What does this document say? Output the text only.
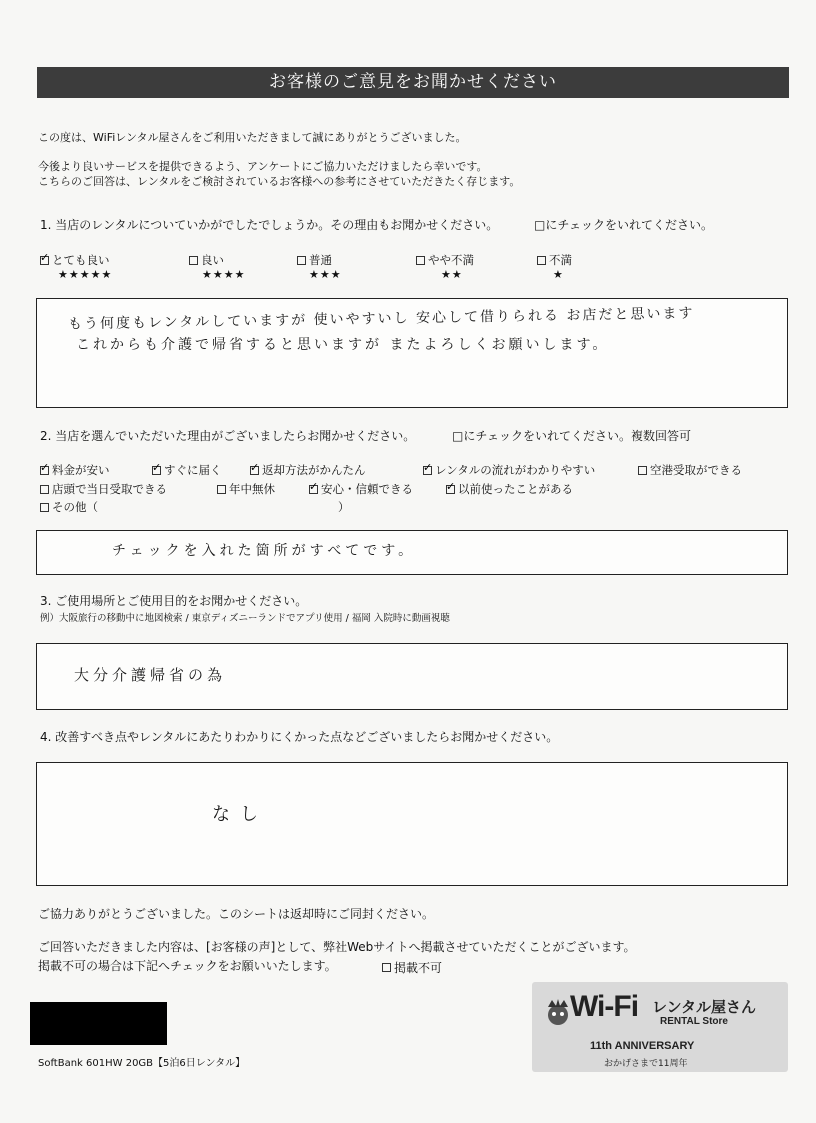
お客様のご意見をお聞かせください
この度は、WiFiレンタル屋さんをご利用いただきまして誠にありがとうございました。
今後より良いサービスを提供できるよう、アンケートにご協力いただけましたら幸いです。
こちらのご回答は、レンタルをご検討されているお客様への参考にさせていただきたく存じます。
1. 当店のレンタルについていかがでしたでしょうか。その理由もお聞かせください。	□にチェックをいれてください。
✓
とても良い
★★★★★
良い
★★★★
普通
★★★
やや不満
★★
不満
★
もう何度もレンタルしていますが 使いやすいし 安心して借りられる お店だと思います
これからも介護で帰省すると思いますが またよろしくお願いします。
2. 当店を選んでいただいた理由がございましたらお聞かせください。	□にチェックをいれてください。複数回答可
✓
料金が安い ✓	すぐに届く ✓	返却方法がかんたん ✓	レンタルの流れがわかりやすい	空港受取ができる
店頭で当日受取できる	年中無休 ✓	安心・信頼できる ✓	以前使ったことがある
その他（	）
チェックを入れた箇所がすべてです。
3. ご使用場所とご使用目的をお聞かせください。
例）大阪旅行の移動中に地図検索 / 東京ディズニーランドでアプリ使用 / 福岡 入院時に動画視聴
大分介護帰省の為
4. 改善すべき点やレンタルにあたりわかりにくかった点などございましたらお聞かせください。
なし
ご協力ありがとうございました。このシートは返却時にご同封ください。
ご回答いただきました内容は、[お客様の声]として、弊社Webサイトへ掲載させていただくことがございます。
掲載不可の場合は下記へチェックをお願いいたします。	掲載不可
SoftBank 601HW 20GB【5泊6日レンタル】
Wi-Fi レンタル屋さん
RENTAL Store
11th ANNIVERSARY
おかげさまで11周年
